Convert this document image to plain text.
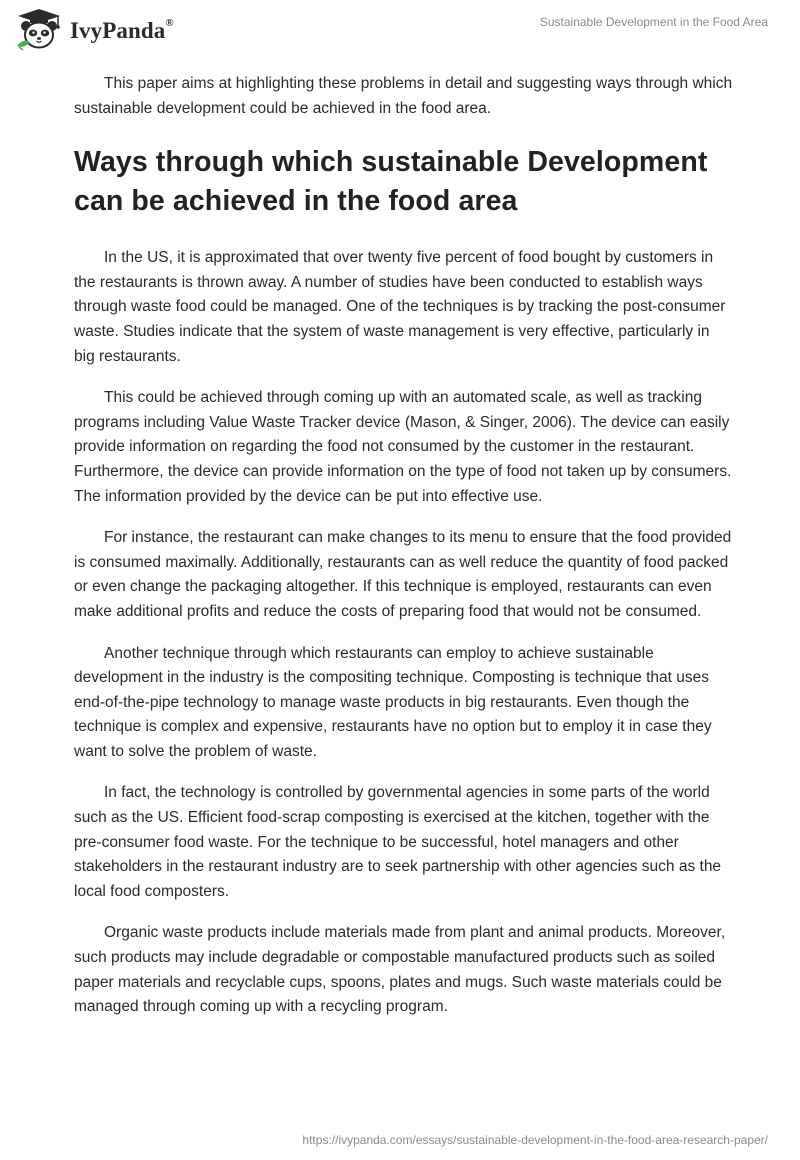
IvyPanda®	Sustainable Development in the Food Area

This paper aims at highlighting these problems in detail and suggesting ways through which sustainable development could be achieved in the food area.

Ways through which sustainable Development can be achieved in the food area

In the US, it is approximated that over twenty five percent of food bought by customers in the restaurants is thrown away. A number of studies have been conducted to establish ways through waste food could be managed. One of the techniques is by tracking the post-consumer waste. Studies indicate that the system of waste management is very effective, particularly in big restaurants.

This could be achieved through coming up with an automated scale, as well as tracking programs including Value Waste Tracker device (Mason, & Singer, 2006). The device can easily provide information on regarding the food not consumed by the customer in the restaurant. Furthermore, the device can provide information on the type of food not taken up by consumers. The information provided by the device can be put into effective use.

For instance, the restaurant can make changes to its menu to ensure that the food provided is consumed maximally. Additionally, restaurants can as well reduce the quantity of food packed or even change the packaging altogether. If this technique is employed, restaurants can even make additional profits and reduce the costs of preparing food that would not be consumed.

Another technique through which restaurants can employ to achieve sustainable development in the industry is the compositing technique. Composting is technique that uses end-of-the-pipe technology to manage waste products in big restaurants. Even though the technique is complex and expensive, restaurants have no option but to employ it in case they want to solve the problem of waste.

In fact, the technology is controlled by governmental agencies in some parts of the world such as the US. Efficient food-scrap composting is exercised at the kitchen, together with the pre-consumer food waste. For the technique to be successful, hotel managers and other stakeholders in the restaurant industry are to seek partnership with other agencies such as the local food composters.

Organic waste products include materials made from plant and animal products. Moreover, such products may include degradable or compostable manufactured products such as soiled paper materials and recyclable cups, spoons, plates and mugs. Such waste materials could be managed through coming up with a recycling program.

https://ivypanda.com/essays/sustainable-development-in-the-food-area-research-paper/
